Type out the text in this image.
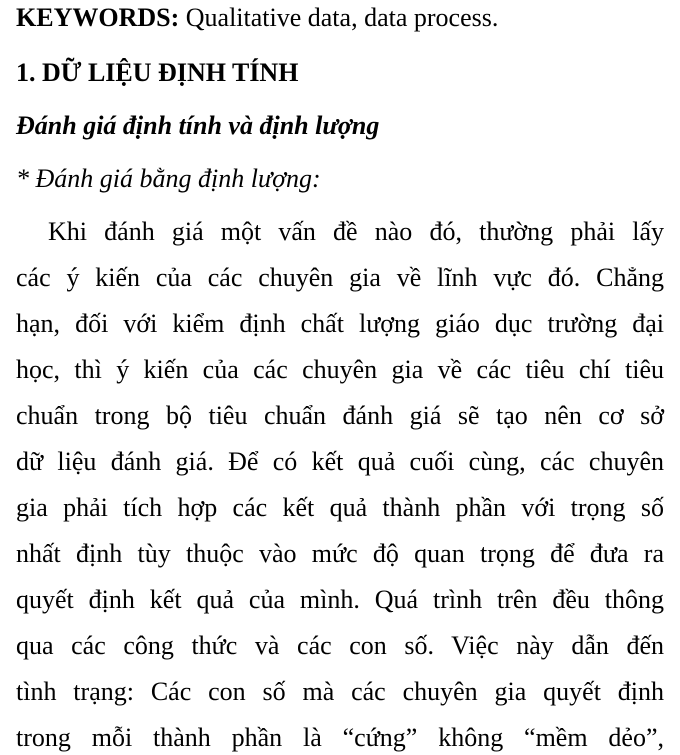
KEYWORDS: Qualitative data, data process.
1. DỮ LIỆU ĐỊNH TÍNH
Đánh giá định tính và định lượng
* Đánh giá bằng định lượng:
Khi đánh giá một vấn đề nào đó, thường phải lấy
các ý kiến của các chuyên gia về lĩnh vực đó. Chẳng
hạn, đối với kiểm định chất lượng giáo dục trường đại
học, thì ý kiến của các chuyên gia về các tiêu chí tiêu
chuẩn trong bộ tiêu chuẩn đánh giá sẽ tạo nên cơ sở
dữ liệu đánh giá. Để có kết quả cuối cùng, các chuyên
gia phải tích hợp các kết quả thành phần với trọng số
nhất định tùy thuộc vào mức độ quan trọng để đưa ra
quyết định kết quả của mình. Quá trình trên đều thông
qua các công thức và các con số. Việc này dẫn đến
tình trạng: Các con số mà các chuyên gia quyết định
trong mỗi thành phần là “cứng” không “mềm dẻo”,
